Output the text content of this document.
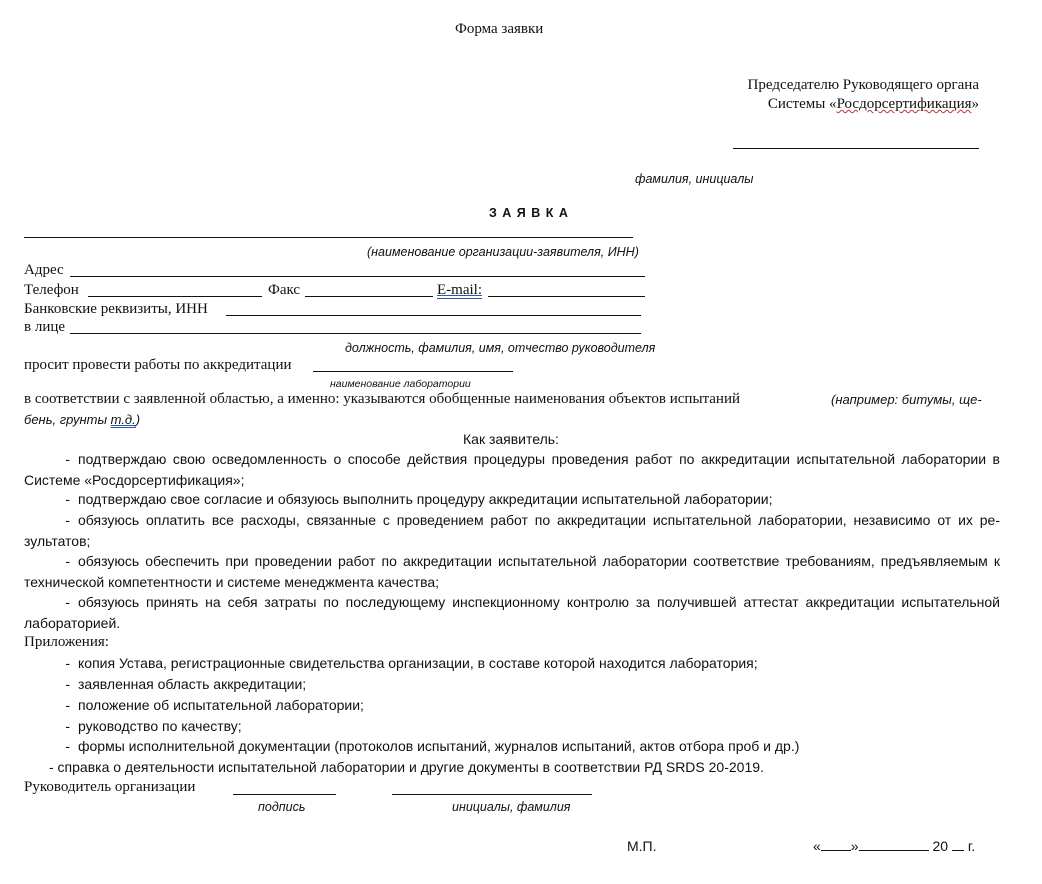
Форма заявки
Председателю Руководящего органа
Системы «Росдорсертификация»
фамилия, инициалы
З А Я В К А
(наименование организации-заявителя, ИНН)
Адрес
Телефон	Факс	E-mail:
Банковские реквизиты, ИНН
в лице
должность, фамилия, имя, отчество руководителя
просит провести работы по аккредитации
наименование лаборатории
в соответствии с заявленной областью, а именно: указываются обобщенные наименования объектов испытаний	(например: битумы, ще-
бень, грунты т.д.)
Как заявитель:
- подтверждаю свою осведомленность о способе действия процедуры проведения работ по аккредитации испытательной лаборатории в Системе «Росдорсертификация»;
- подтверждаю свое согласие и обязуюсь выполнить процедуру аккредитации испытательной лаборатории;
- обязуюсь оплатить все расходы, связанные с проведением работ по аккредитации испытательной лаборатории, независимо от их ре-зультатов;
- обязуюсь обеспечить при проведении работ по аккредитации испытательной лаборатории соответствие требованиям, предъявляемым к технической компетентности и системе менеджмента качества;
- обязуюсь принять на себя затраты по последующему инспекционному контролю за получившей аттестат аккредитации испытательной лабораторией.
Приложения:
- копия Устава, регистрационные свидетельства организации, в составе которой находится лаборатория;
- заявленная область аккредитации;
- положение об испытательной лаборатории;
- руководство по качеству;
- формы исполнительной документации (протоколов испытаний, журналов испытаний, актов отбора проб и др.)
- справка о деятельности испытательной лаборатории и другие документы в соответствии РД SRDS 20-2019.
Руководитель организации
подпись	инициалы, фамилия
М.П.	« »	20 г.
